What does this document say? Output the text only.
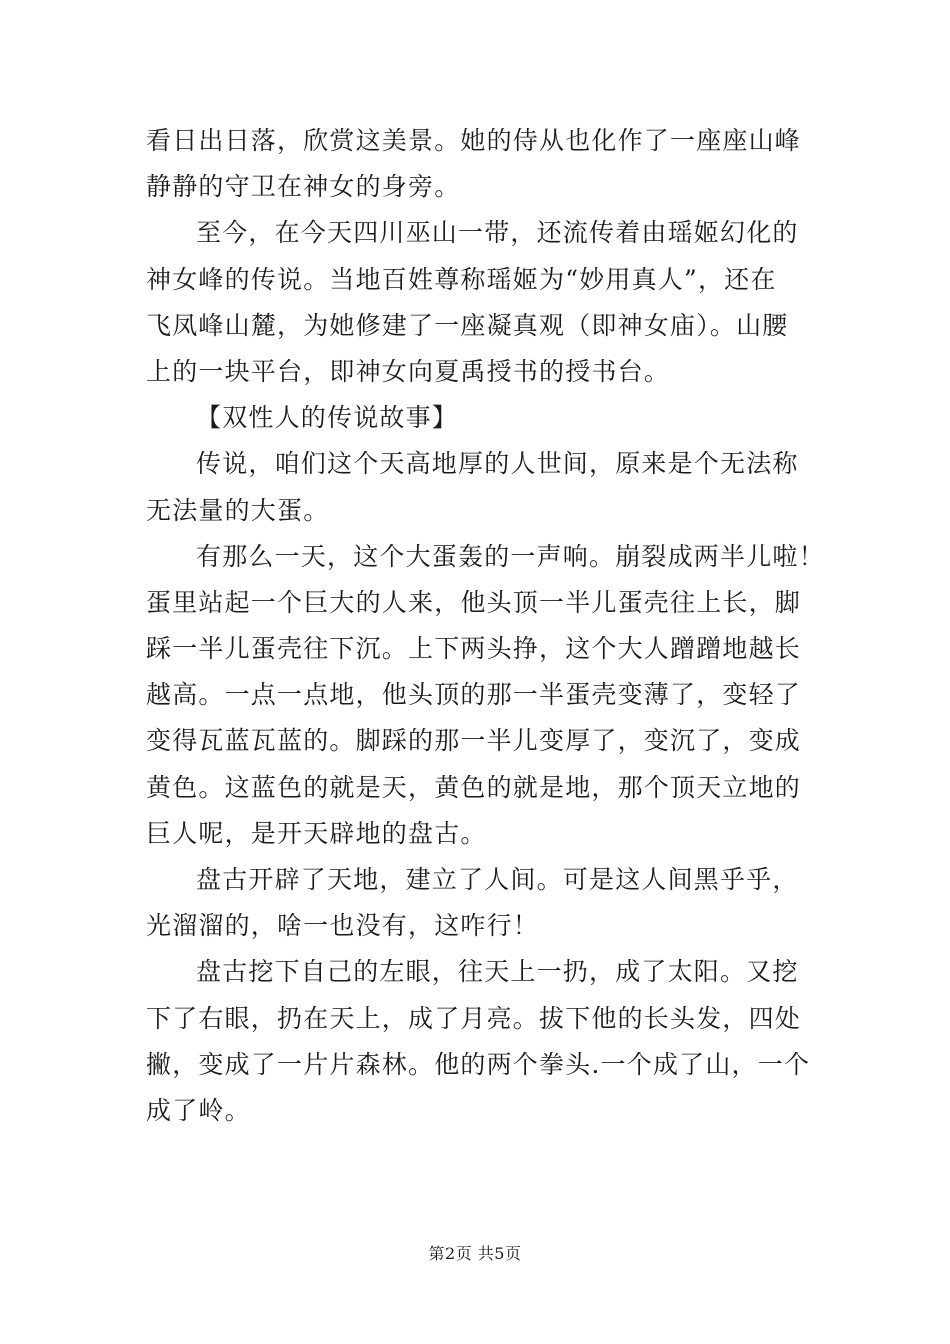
看日出日落，欣赏这美景。她的侍从也化作了一座座山峰
静静的守卫在神女的身旁。
至今，在今天四川巫山一带，还流传着由瑶姬幻化的
神女峰的传说。当地百姓尊称瑶姬为“妙用真人”，还在
飞凤峰山麓，为她修建了一座凝真观（即神女庙）。山腰
上的一块平台，即神女向夏禹授书的授书台。
【双性人的传说故事】
传说，咱们这个天高地厚的人世间，原来是个无法称
无法量的大蛋。
有那么一天，这个大蛋轰的一声响。崩裂成两半儿啦！
蛋里站起一个巨大的人来，他头顶一半儿蛋壳往上长，脚
踩一半儿蛋壳往下沉。上下两头挣，这个大人蹭蹭地越长
越高。一点一点地，他头顶的那一半蛋壳变薄了，变轻了
变得瓦蓝瓦蓝的。脚踩的那一半儿变厚了，变沉了，变成
黄色。这蓝色的就是天，黄色的就是地，那个顶天立地的
巨人呢，是开天辟地的盘古。
盘古开辟了天地，建立了人间。可是这人间黑乎乎，
光溜溜的，啥一也没有，这咋行！
盘古挖下自己的左眼，往天上一扔，成了太阳。又挖
下了右眼，扔在天上，成了月亮。拔下他的长头发，四处
撇，变成了一片片森林。他的两个拳头.一个成了山，一个
成了岭。
第2页 共5页
